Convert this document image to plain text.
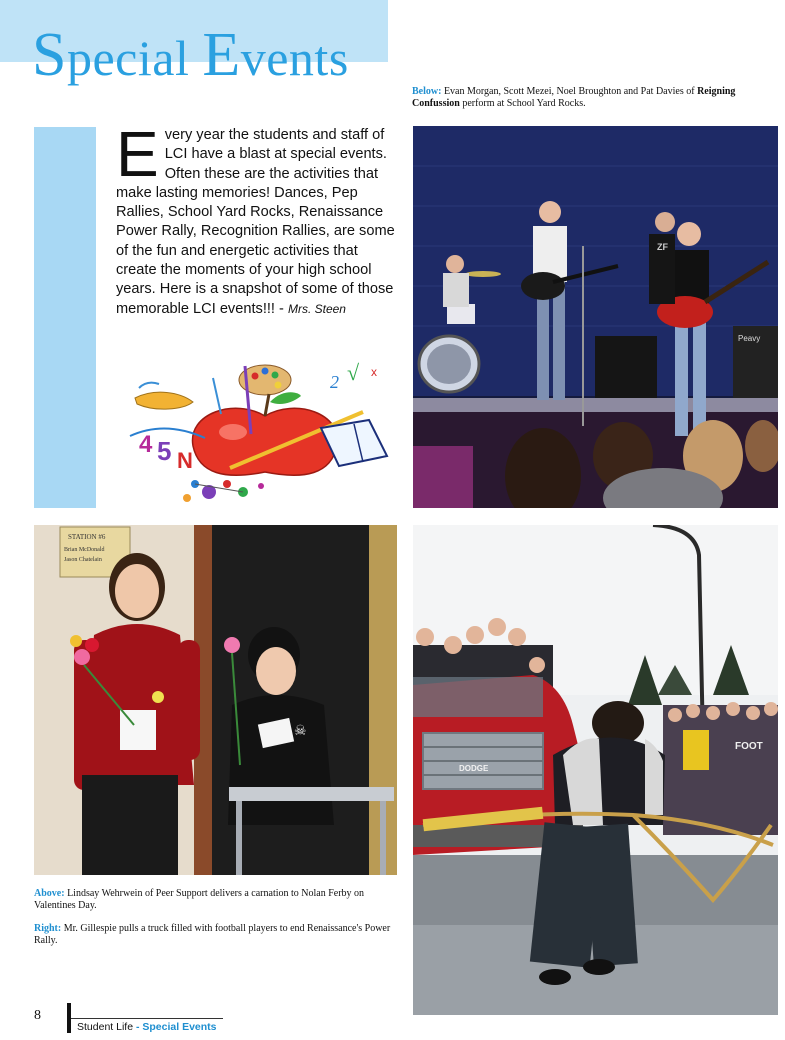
Special Events
Below: Evan Morgan, Scott Mezei, Noel Broughton and Pat Davies of Reigning Confussion perform at School Yard Rocks.
Every year the students and staff of LCI have a blast at special events. Often these are the activities that make lasting memories! Dances, Pep Rallies, School Yard Rocks, Renaissance Power Rally, Recognition Rallies, are some of the fun and energetic activities that create the moments of your high school years. Here is a snapshot of some of those memorable LCI events!!! - Mrs. Steen
2 √ x
4 5 N
Peavy
ZF
STATION #6
Brian McDonald
Jason Chatelain
☠
FOOT
DODGE
Above: Lindsay Wehrwein of Peer Support delivers a carnation to Nolan Ferby on Valentines Day.
Right: Mr. Gillespie pulls a truck filled with football players to end Renaissance's Power Rally.
8
Student Life - Special Events
